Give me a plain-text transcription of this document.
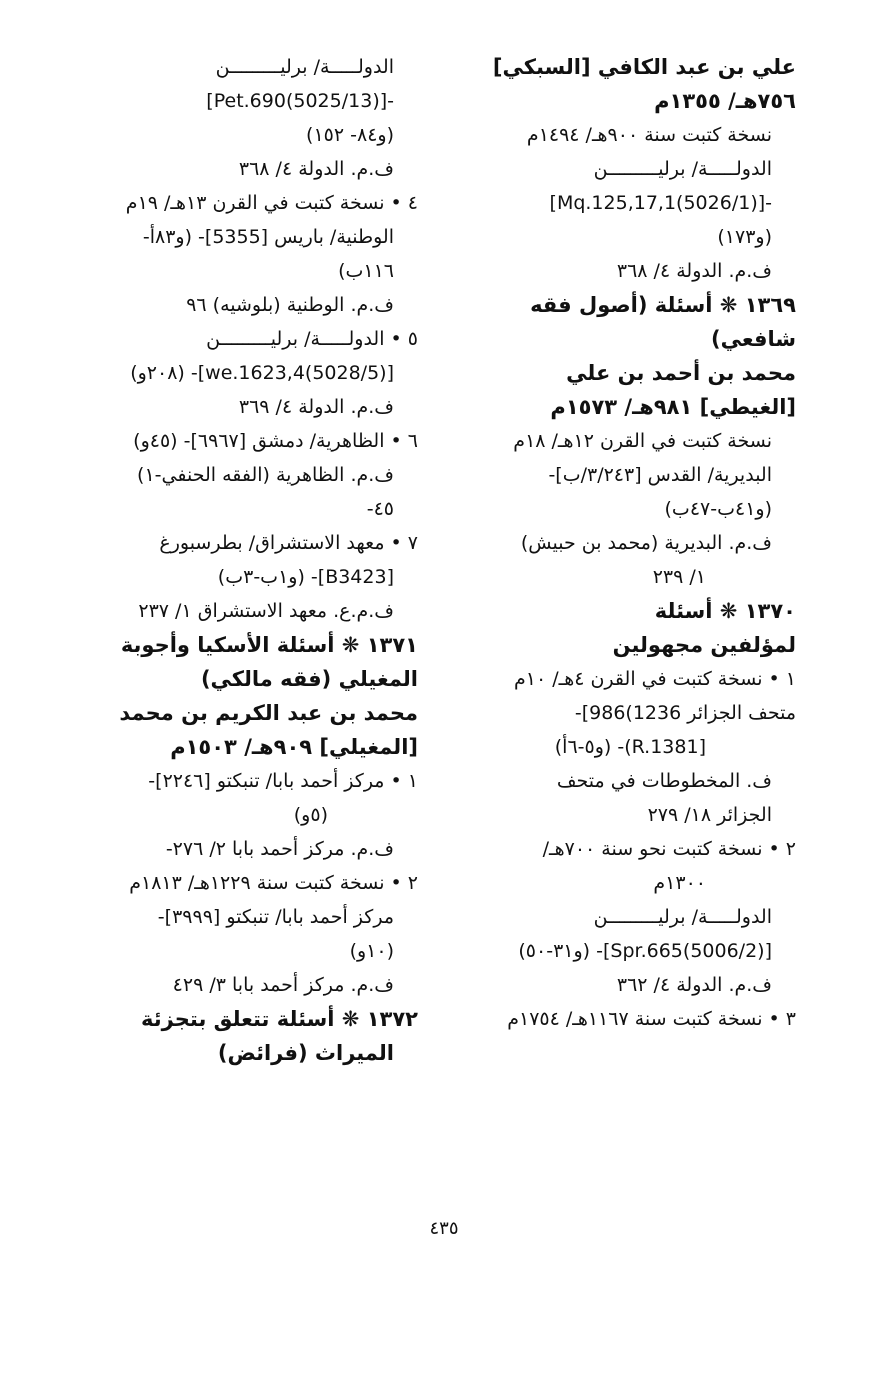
علي بن عبد الكافي [السبكي]
٧٥٦هـ/ ١٣٥٥م
نسخة كتبت سنة ٩٠٠هـ/ ١٤٩٤م
الدولـــــة/ برليـــــــــن
-[(5026/1)Mq.125,17,1]
(و١٧٣)
ف.م. الدولة ٤/ ٣٦٨
١٣٦٩ ❋ أسئلة (أصول فقه
شافعي)
محمد بن أحمد بن علي
[الغيطي] ٩٨١هـ/ ١٥٧٣م
نسخة كتبت في القرن ١٢هـ/ ١٨م
البديرية/ القدس [٣/٢٤٣/ب]-
(و٤١ب-٤٧ب)
ف.م. البديرية (محمد بن حبيش)
١/ ٢٣٩
١٣٧٠ ❋ أسئلة
لمؤلفين مجهولين
١ • نسخة كتبت في القرن ٤هـ/ ١٠م
متحف الجزائر 1236)986]-
[R.1381)- (و٥-٦أ)
ف. المخطوطات في متحف
الجزائر ١٨/ ٢٧٩
٢ • نسخة كتبت نحو سنة ٧٠٠هـ/
١٣٠٠م
الدولـــــة/ برليـــــــــن
[(5006/2)Spr.665]- (و٣١-٥٠)
ف.م. الدولة ٤/ ٣٦٢
٣ • نسخة كتبت سنة ١١٦٧هـ/ ١٧٥٤م
الدولـــــة/ برليـــــــــن
-[(5025/13)Pet.690]
(و٨٤- ١٥٢)
ف.م. الدولة ٤/ ٣٦٨
٤ • نسخة كتبت في القرن ١٣هـ/ ١٩م
الوطنية/ باريس [5355]- (و٨٣أ-
١١٦ب)
ف.م. الوطنية (بلوشيه) ٩٦
٥ • الدولـــــة/ برليـــــــــن
[(5028/5)we.1623,4]- (٢٠٨و)
ف.م. الدولة ٤/ ٣٦٩
٦ • الظاهرية/ دمشق [٦٩٦٧]- (٤٥و)
ف.م. الظاهرية (الفقه الحنفي-١)
٤٥-
٧ • معهد الاستشراق/ بطرسبورغ
[B3423]- (و١ب-٣ب)
ف.م.ع. معهد الاستشراق ١/ ٢٣٧
١٣٧١ ❋ أسئلة الأسكيا وأجوبة
المغيلي (فقه مالكي)
محمد بن عبد الكريم بن محمد
[المغيلي] ٩٠٩هـ/ ١٥٠٣م
١ • مركز أحمد بابا/ تنبكتو [٢٢٤٦]-
(٥و)
ف.م. مركز أحمد بابا ٢/ ٢٧٦-
٢ • نسخة كتبت سنة ١٢٢٩هـ/ ١٨١٣م
مركز أحمد بابا/ تنبكتو [٣٩٩٩]-
(١٠و)
ف.م. مركز أحمد بابا ٣/ ٤٢٩
١٣٧٢ ❋ أسئلة تتعلق بتجزئة
الميراث (فرائض)
٤٣٥
